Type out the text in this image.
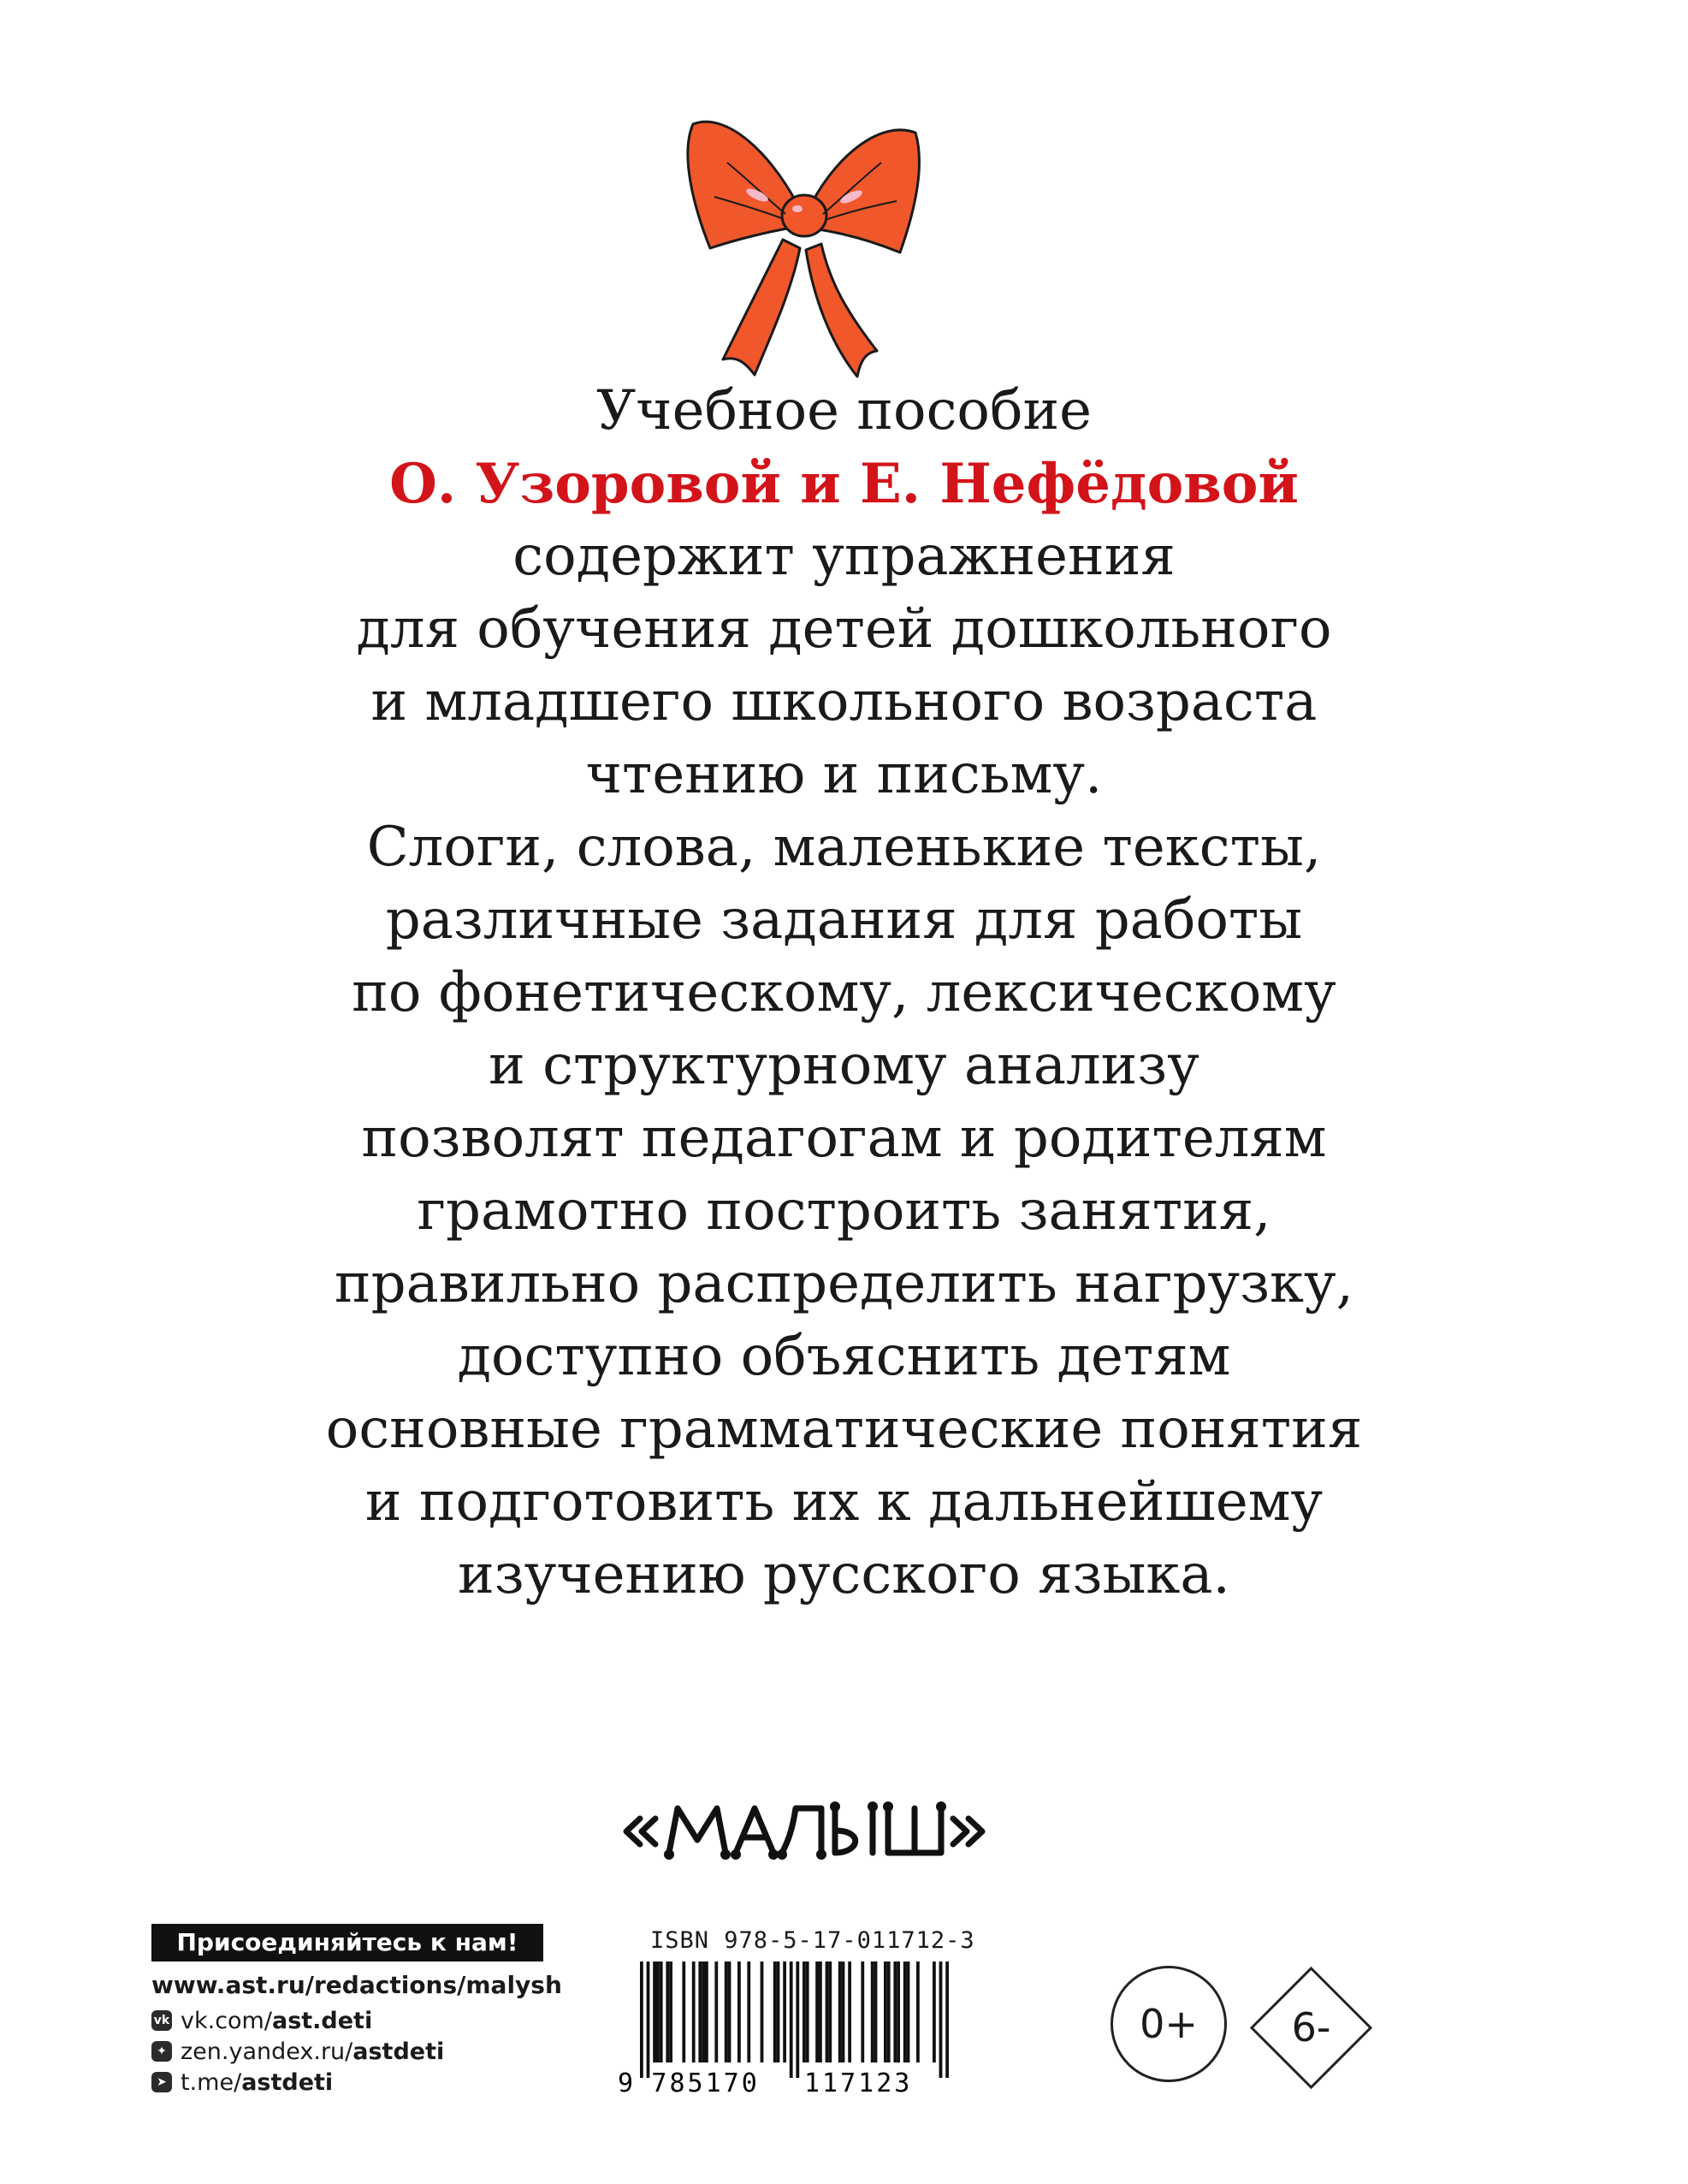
Учебное пособие
О. Узоровой и Е. Нефёдовой
содержит упражнения
для обучения детей дошкольного
и младшего школьного возраста
чтению и письму.
Слоги, слова, маленькие тексты,
различные задания для работы
по фонетическому, лексическому
и структурному анализу
позволят педагогам и родителям
грамотно построить занятия,
правильно распределить нагрузку,
доступно объяснить детям
основные грамматические понятия
и подготовить их к дальнейшему
изучению русского языка.
Присоединяйтесь к нам!
www.ast.ru/redactions/malysh
vk vk.com/ ast.deti
✦ zen.yandex.ru/ astdeti
➤ t.me/ astdeti
ISBN 978-5-17-011712-3
9 785170 117123
0+	6-
